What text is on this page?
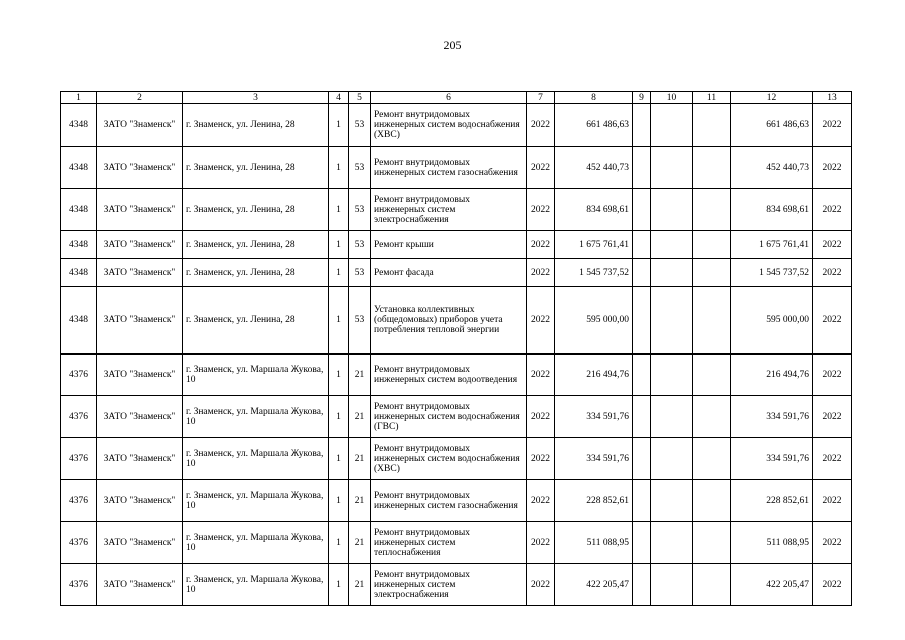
205
1	2	3	4	5	6	7	8	9	10	11	12	13
4348	ЗАТО "Знаменск"	г. Знаменск, ул. Ленина, 28	1	53	Ремонт внутридомовых инженерных систем водоснабжения (ХВС)	2022	661 486,63				661 486,63	2022
4348	ЗАТО "Знаменск"	г. Знаменск, ул. Ленина, 28	1	53	Ремонт внутридомовых инженерных систем газоснабжения	2022	452 440,73				452 440,73	2022
4348	ЗАТО "Знаменск"	г. Знаменск, ул. Ленина, 28	1	53	Ремонт внутридомовых инженерных систем электроснабжения	2022	834 698,61				834 698,61	2022
4348	ЗАТО "Знаменск"	г. Знаменск, ул. Ленина, 28	1	53	Ремонт крыши	2022	1 675 761,41				1 675 761,41	2022
4348	ЗАТО "Знаменск"	г. Знаменск, ул. Ленина, 28	1	53	Ремонт фасада	2022	1 545 737,52				1 545 737,52	2022
4348	ЗАТО "Знаменск"	г. Знаменск, ул. Ленина, 28	1	53	Установка коллективных (общедомовых) приборов учета потребления тепловой энергии	2022	595 000,00				595 000,00	2022
4376	ЗАТО "Знаменск"	г. Знаменск, ул. Маршала Жукова, 10	1	21	Ремонт внутридомовых инженерных систем водоотведения	2022	216 494,76				216 494,76	2022
4376	ЗАТО "Знаменск"	г. Знаменск, ул. Маршала Жукова, 10	1	21	Ремонт внутридомовых инженерных систем водоснабжения (ГВС)	2022	334 591,76				334 591,76	2022
4376	ЗАТО "Знаменск"	г. Знаменск, ул. Маршала Жукова, 10	1	21	Ремонт внутридомовых инженерных систем водоснабжения (ХВС)	2022	334 591,76				334 591,76	2022
4376	ЗАТО "Знаменск"	г. Знаменск, ул. Маршала Жукова, 10	1	21	Ремонт внутридомовых инженерных систем газоснабжения	2022	228 852,61				228 852,61	2022
4376	ЗАТО "Знаменск"	г. Знаменск, ул. Маршала Жукова, 10	1	21	Ремонт внутридомовых инженерных систем теплоснабжения	2022	511 088,95				511 088,95	2022
4376	ЗАТО "Знаменск"	г. Знаменск, ул. Маршала Жукова, 10	1	21	Ремонт внутридомовых инженерных систем электроснабжения	2022	422 205,47				422 205,47	2022
